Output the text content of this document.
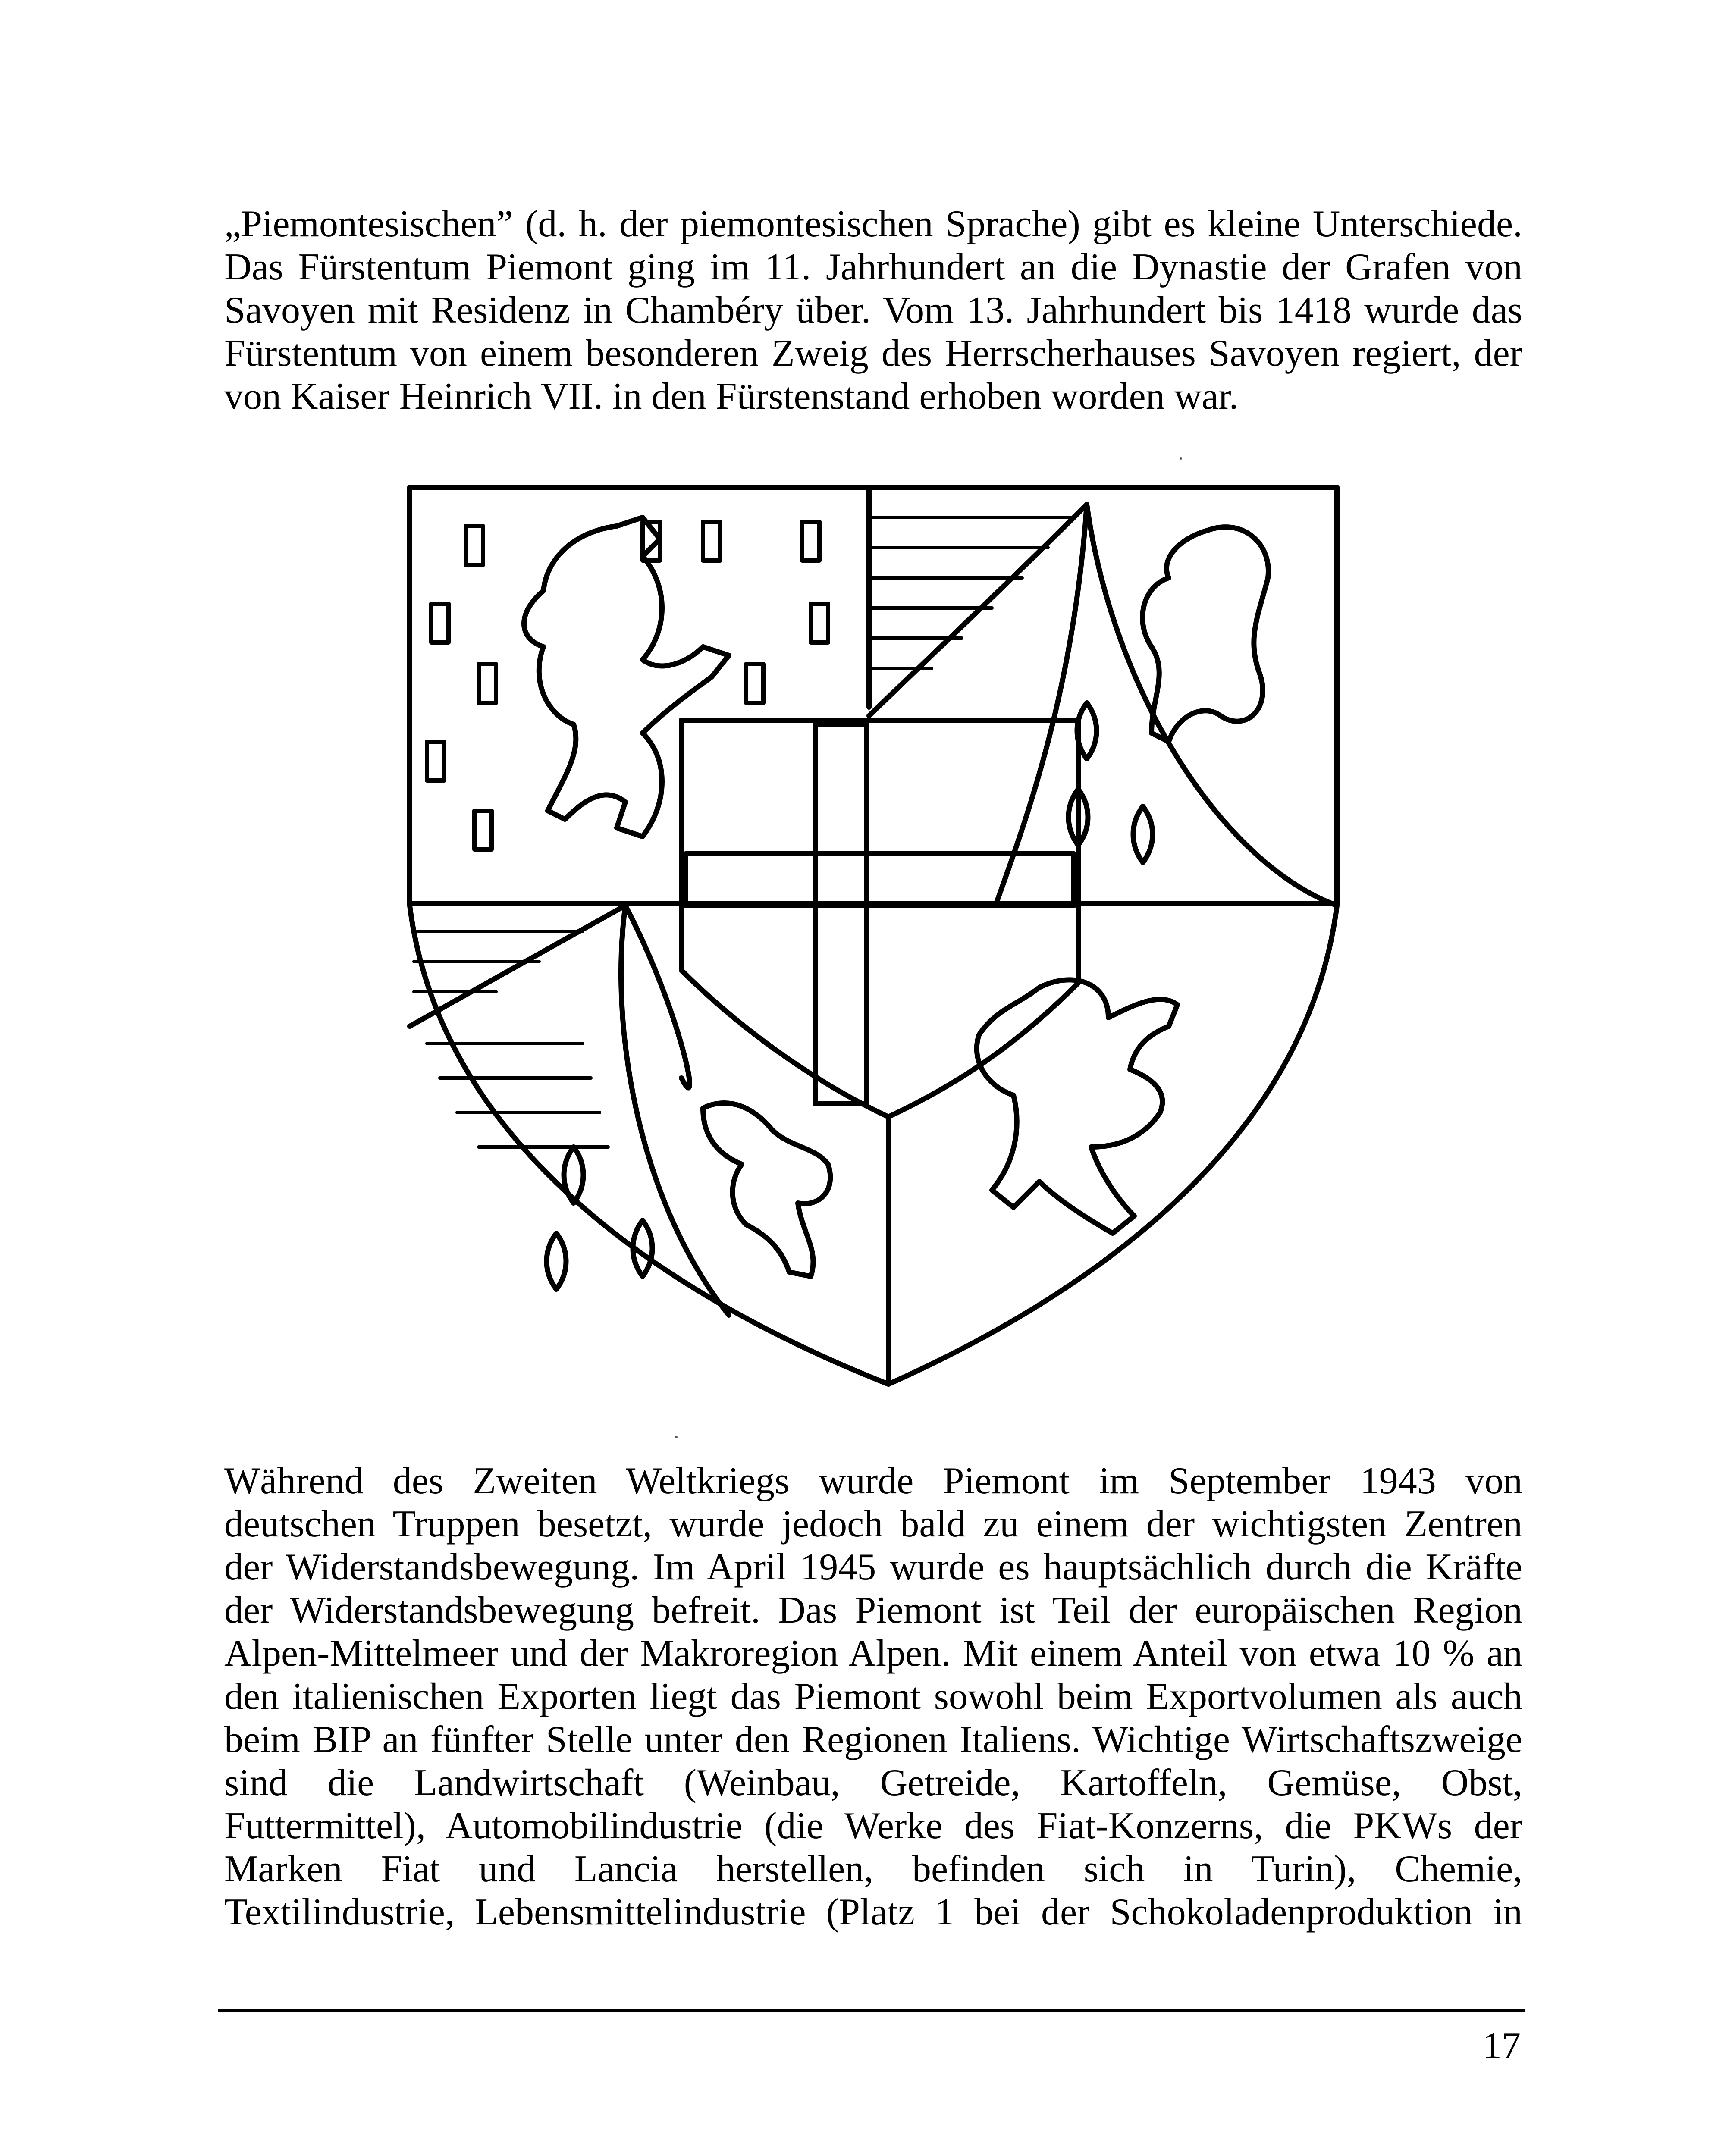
„Piemontesischen” (d. h. der piemontesischen Sprache) gibt es kleine Unterschiede.
Das Fürstentum Piemont ging im 11. Jahrhundert an die Dynastie der Grafen von
Savoyen mit Residenz in Chambéry über. Vom 13. Jahrhundert bis 1418 wurde das
Fürstentum von einem besonderen Zweig des Herrscherhauses Savoyen regiert, der
von Kaiser Heinrich VII. in den Fürstenstand erhoben worden war.
Während des Zweiten Weltkriegs wurde Piemont im September 1943 von
deutschen Truppen besetzt, wurde jedoch bald zu einem der wichtigsten Zentren
der Widerstandsbewegung. Im April 1945 wurde es hauptsächlich durch die Kräfte
der Widerstandsbewegung befreit. Das Piemont ist Teil der europäischen Region
Alpen-Mittelmeer und der Makroregion Alpen. Mit einem Anteil von etwa 10 % an
den italienischen Exporten liegt das Piemont sowohl beim Exportvolumen als auch
beim BIP an fünfter Stelle unter den Regionen Italiens. Wichtige Wirtschaftszweige
sind die Landwirtschaft (Weinbau, Getreide, Kartoffeln, Gemüse, Obst,
Futtermittel), Automobilindustrie (die Werke des Fiat-Konzerns, die PKWs der
Marken Fiat und Lancia herstellen, befinden sich in Turin), Chemie,
Textilindustrie, Lebensmittelindustrie (Platz 1 bei der Schokoladenproduktion in
17
